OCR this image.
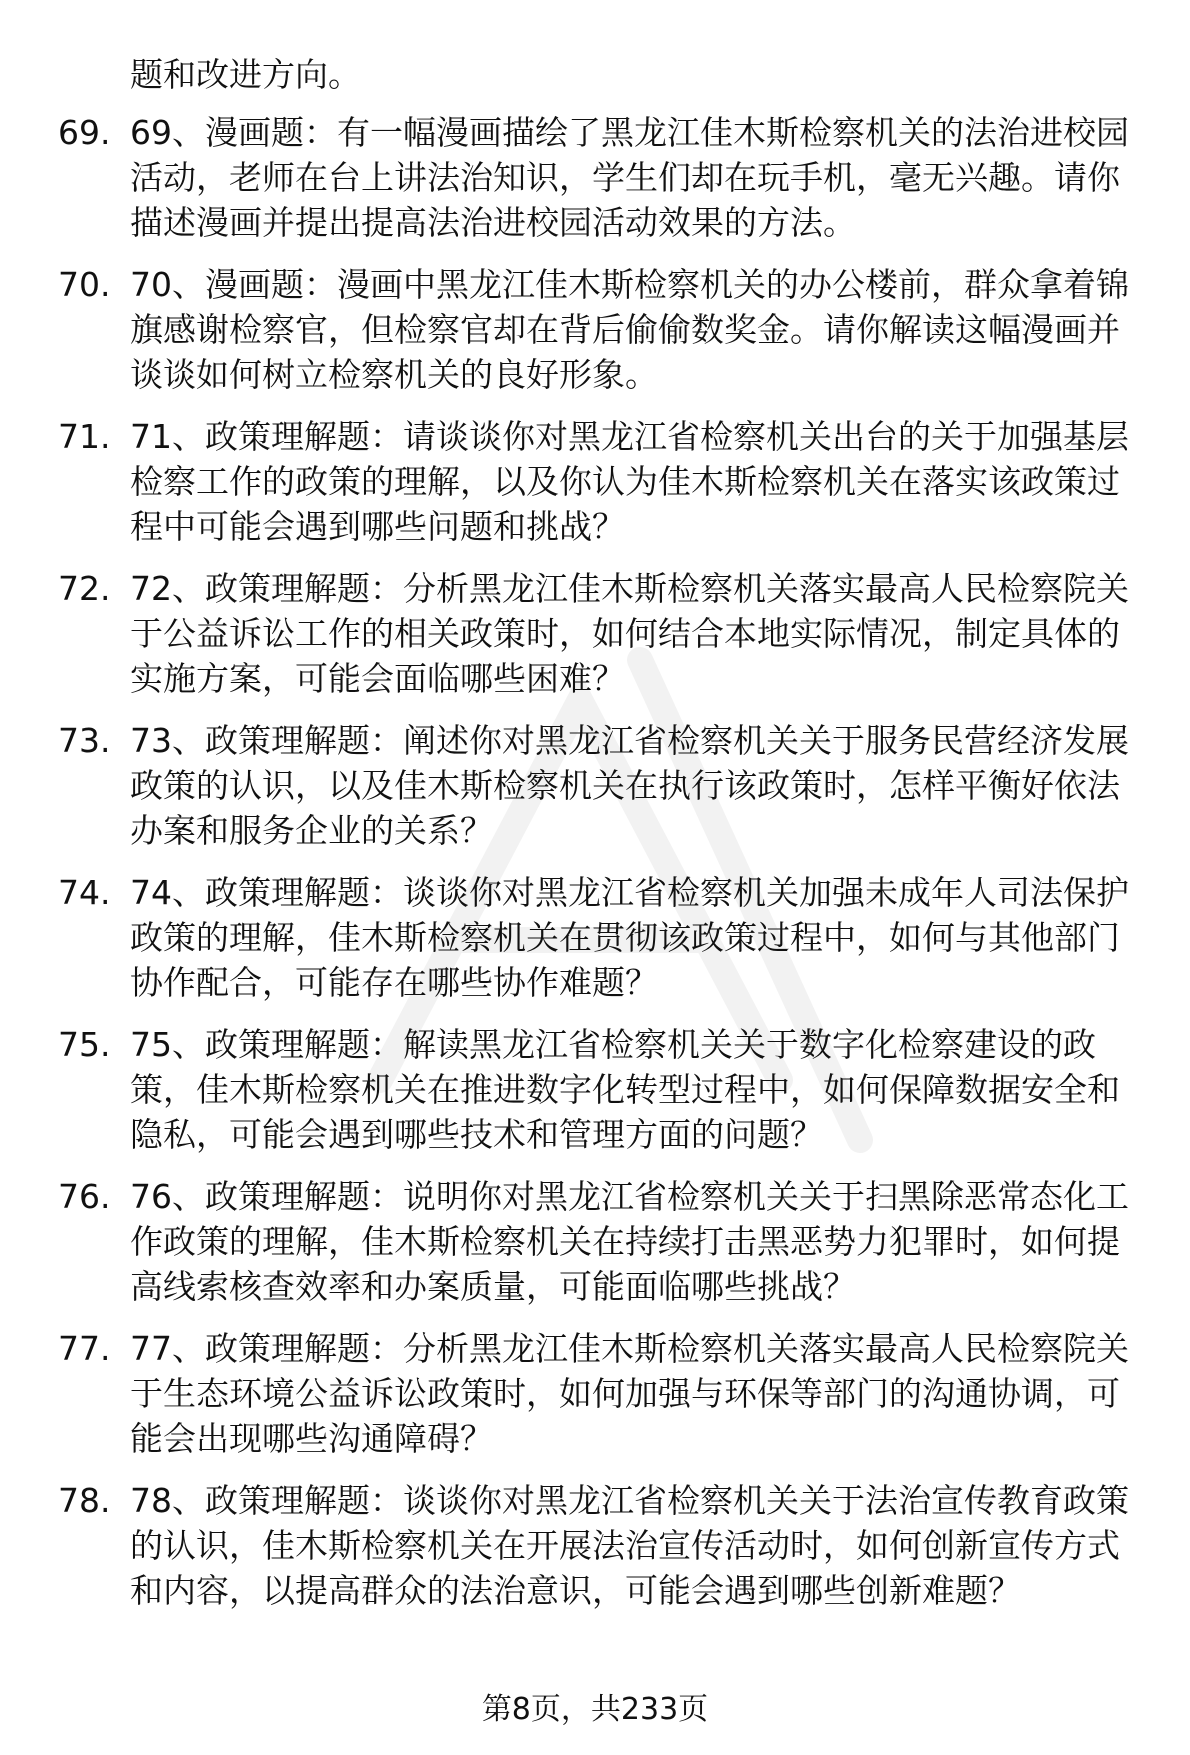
题和改进方向。
69. 69、漫画题：有一幅漫画描绘了黑龙江佳木斯检察机关的法治进校园活动，老师在台上讲法治知识，学生们却在玩手机，毫无兴趣。请你描述漫画并提出提高法治进校园活动效果的方法。
70. 70、漫画题：漫画中黑龙江佳木斯检察机关的办公楼前，群众拿着锦旗感谢检察官，但检察官却在背后偷偷数奖金。请你解读这幅漫画并谈谈如何树立检察机关的良好形象。
71. 71、政策理解题：请谈谈你对黑龙江省检察机关出台的关于加强基层检察工作的政策的理解，以及你认为佳木斯检察机关在落实该政策过程中可能会遇到哪些问题和挑战？
72. 72、政策理解题：分析黑龙江佳木斯检察机关落实最高人民检察院关于公益诉讼工作的相关政策时，如何结合本地实际情况，制定具体的实施方案，可能会面临哪些困难？
73. 73、政策理解题：阐述你对黑龙江省检察机关关于服务民营经济发展政策的认识，以及佳木斯检察机关在执行该政策时，怎样平衡好依法办案和服务企业的关系？
74. 74、政策理解题：谈谈你对黑龙江省检察机关加强未成年人司法保护政策的理解，佳木斯检察机关在贯彻该政策过程中，如何与其他部门协作配合，可能存在哪些协作难题？
75. 75、政策理解题：解读黑龙江省检察机关关于数字化检察建设的政策，佳木斯检察机关在推进数字化转型过程中，如何保障数据安全和隐私，可能会遇到哪些技术和管理方面的问题？
76. 76、政策理解题：说明你对黑龙江省检察机关关于扫黑除恶常态化工作政策的理解，佳木斯检察机关在持续打击黑恶势力犯罪时，如何提高线索核查效率和办案质量，可能面临哪些挑战？
77. 77、政策理解题：分析黑龙江佳木斯检察机关落实最高人民检察院关于生态环境公益诉讼政策时，如何加强与环保等部门的沟通协调，可能会出现哪些沟通障碍？
78. 78、政策理解题：谈谈你对黑龙江省检察机关关于法治宣传教育政策的认识，佳木斯检察机关在开展法治宣传活动时，如何创新宣传方式和内容，以提高群众的法治意识，可能会遇到哪些创新难题？
第8页，共233页
